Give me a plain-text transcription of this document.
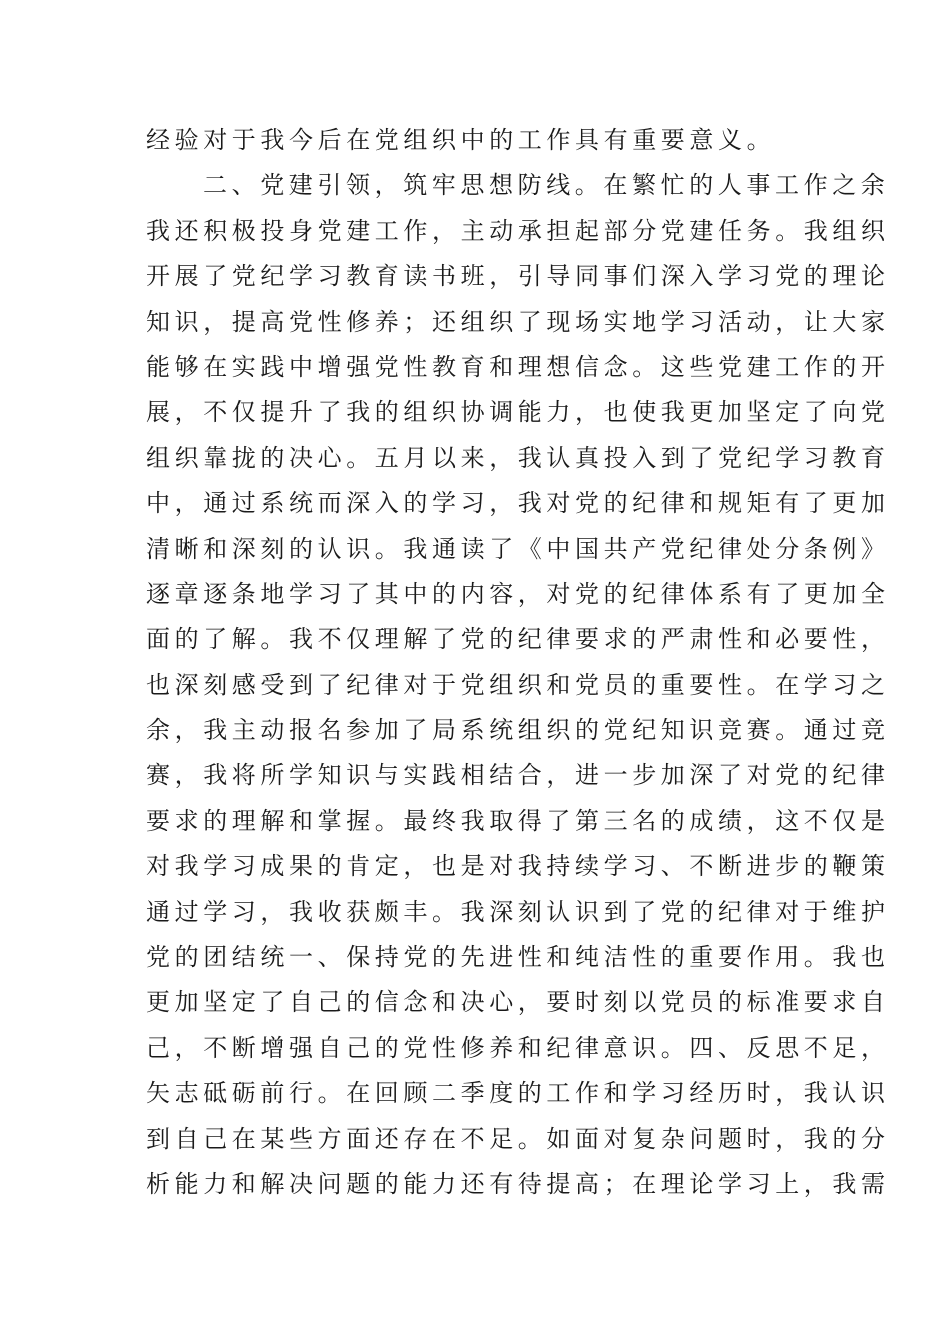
经验对于我今后在党组织中的工作具有重要意义。
二、党建引领，筑牢思想防线。在繁忙的人事工作之余
我还积极投身党建工作，主动承担起部分党建任务。我组织
开展了党纪学习教育读书班，引导同事们深入学习党的理论
知识，提高党性修养；还组织了现场实地学习活动，让大家
能够在实践中增强党性教育和理想信念。这些党建工作的开
展，不仅提升了我的组织协调能力，也使我更加坚定了向党
组织靠拢的决心。五月以来，我认真投入到了党纪学习教育
中，通过系统而深入的学习，我对党的纪律和规矩有了更加
清晰和深刻的认识。我通读了《中国共产党纪律处分条例》
逐章逐条地学习了其中的内容，对党的纪律体系有了更加全
面的了解。我不仅理解了党的纪律要求的严肃性和必要性，
也深刻感受到了纪律对于党组织和党员的重要性。在学习之
余，我主动报名参加了局系统组织的党纪知识竞赛。通过竞
赛，我将所学知识与实践相结合，进一步加深了对党的纪律
要求的理解和掌握。最终我取得了第三名的成绩，这不仅是
对我学习成果的肯定，也是对我持续学习、不断进步的鞭策
通过学习，我收获颇丰。我深刻认识到了党的纪律对于维护
党的团结统一、保持党的先进性和纯洁性的重要作用。我也
更加坚定了自己的信念和决心，要时刻以党员的标准要求自
己，不断增强自己的党性修养和纪律意识。四、反思不足，
矢志砥砺前行。在回顾二季度的工作和学习经历时，我认识
到自己在某些方面还存在不足。如面对复杂问题时，我的分
析能力和解决问题的能力还有待提高；在理论学习上，我需
